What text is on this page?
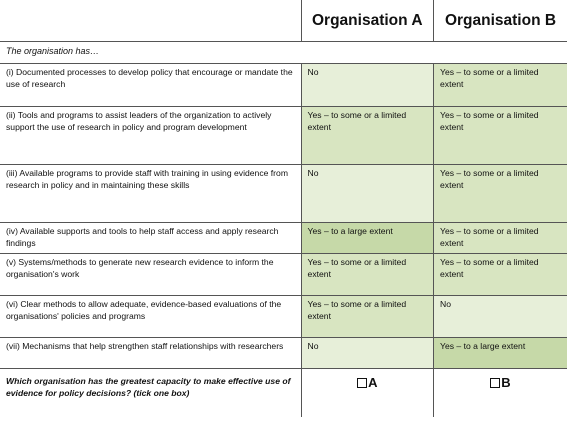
	Organisation A	Organisation B
The organisation has…		
(i) Documented processes to develop policy that encourage or mandate the use of research	No	Yes – to some or a limited extent
(ii) Tools and programs to assist leaders of the organization to actively support the use of research in policy and program development	Yes – to some or a limited extent	Yes – to some or a limited extent
(iii) Available programs to provide staff with training in using evidence from research in policy and in maintaining these skills	No	Yes – to some or a limited extent
(iv) Available supports and tools to help staff access and apply research findings	Yes – to a large extent	Yes – to some or a limited extent
(v) Systems/methods to generate new research evidence to inform the organisation's work	Yes – to some or a limited extent	Yes – to some or a limited extent
(vi) Clear methods to allow adequate, evidence-based evaluations of the organisations' policies and programs	Yes – to some or a limited extent	No
(vii) Mechanisms that help strengthen staff relationships with researchers	No	Yes – to a large extent
Which organisation has the greatest capacity to make effective use of evidence for policy decisions? (tick one box)	A	B
